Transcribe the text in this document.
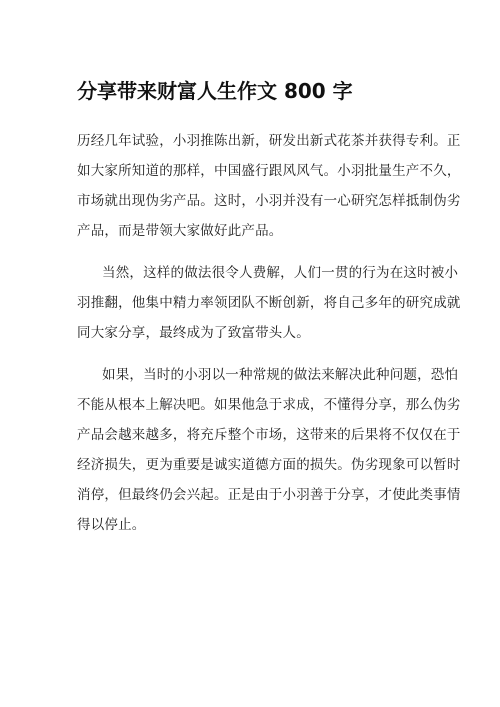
分享带来财富人生作文 800 字
历经几年试验，小羽推陈出新，研发出新式花茶并获得专利。正
如大家所知道的那样，中国盛行跟风风气。小羽批量生产不久，
市场就出现伪劣产品。这时，小羽并没有一心研究怎样抵制伪劣
产品，而是带领大家做好此产品。
当然，这样的做法很令人费解，人们一贯的行为在这时被小
羽推翻，他集中精力率领团队不断创新，将自己多年的研究成就
同大家分享，最终成为了致富带头人。
如果，当时的小羽以一种常规的做法来解决此种问题，恐怕
不能从根本上解决吧。如果他急于求成，不懂得分享，那么伪劣
产品会越来越多，将充斥整个市场，这带来的后果将不仅仅在于
经济损失，更为重要是诚实道德方面的损失。伪劣现象可以暂时
消停，但最终仍会兴起。正是由于小羽善于分享，才使此类事情
得以停止。
